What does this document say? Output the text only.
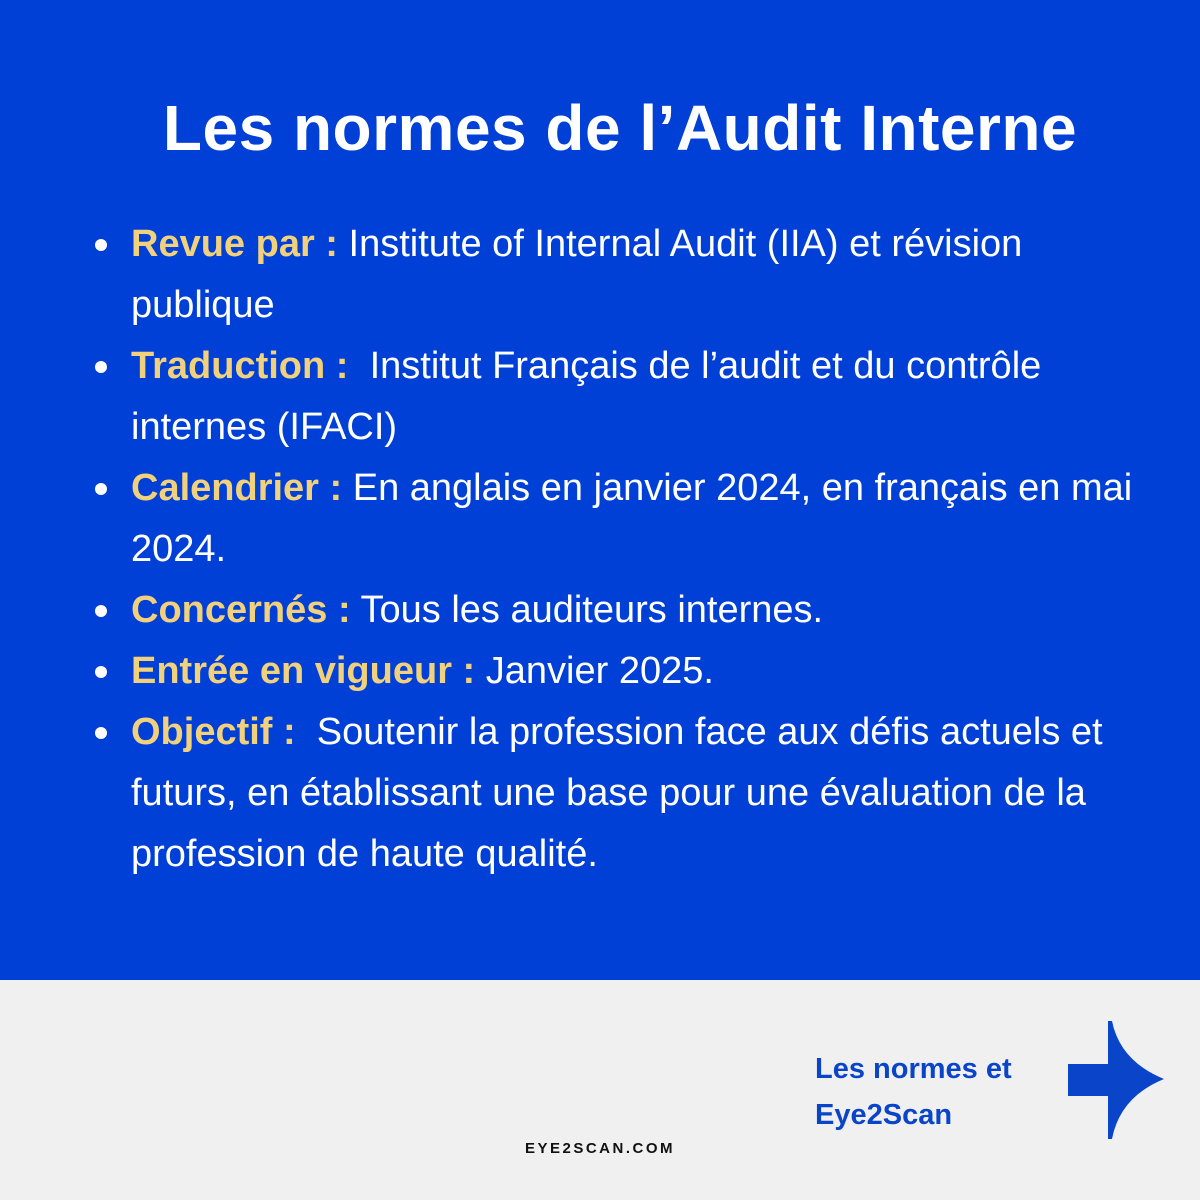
Les normes de l’Audit Interne
Revue par : Institute of Internal Audit (IIA) et révision publique
Traduction :  Institut Français de l’audit et du contrôle internes (IFACI)
Calendrier : En anglais en janvier 2024, en français en mai 2024.
Concernés : Tous les auditeurs internes.
Entrée en vigueur : Janvier 2025.
Objectif :  Soutenir la profession face aux défis actuels et futurs, en établissant une base pour une évaluation de la profession de haute qualité.
Les normes et
Eye2Scan
EYE2SCAN.COM
